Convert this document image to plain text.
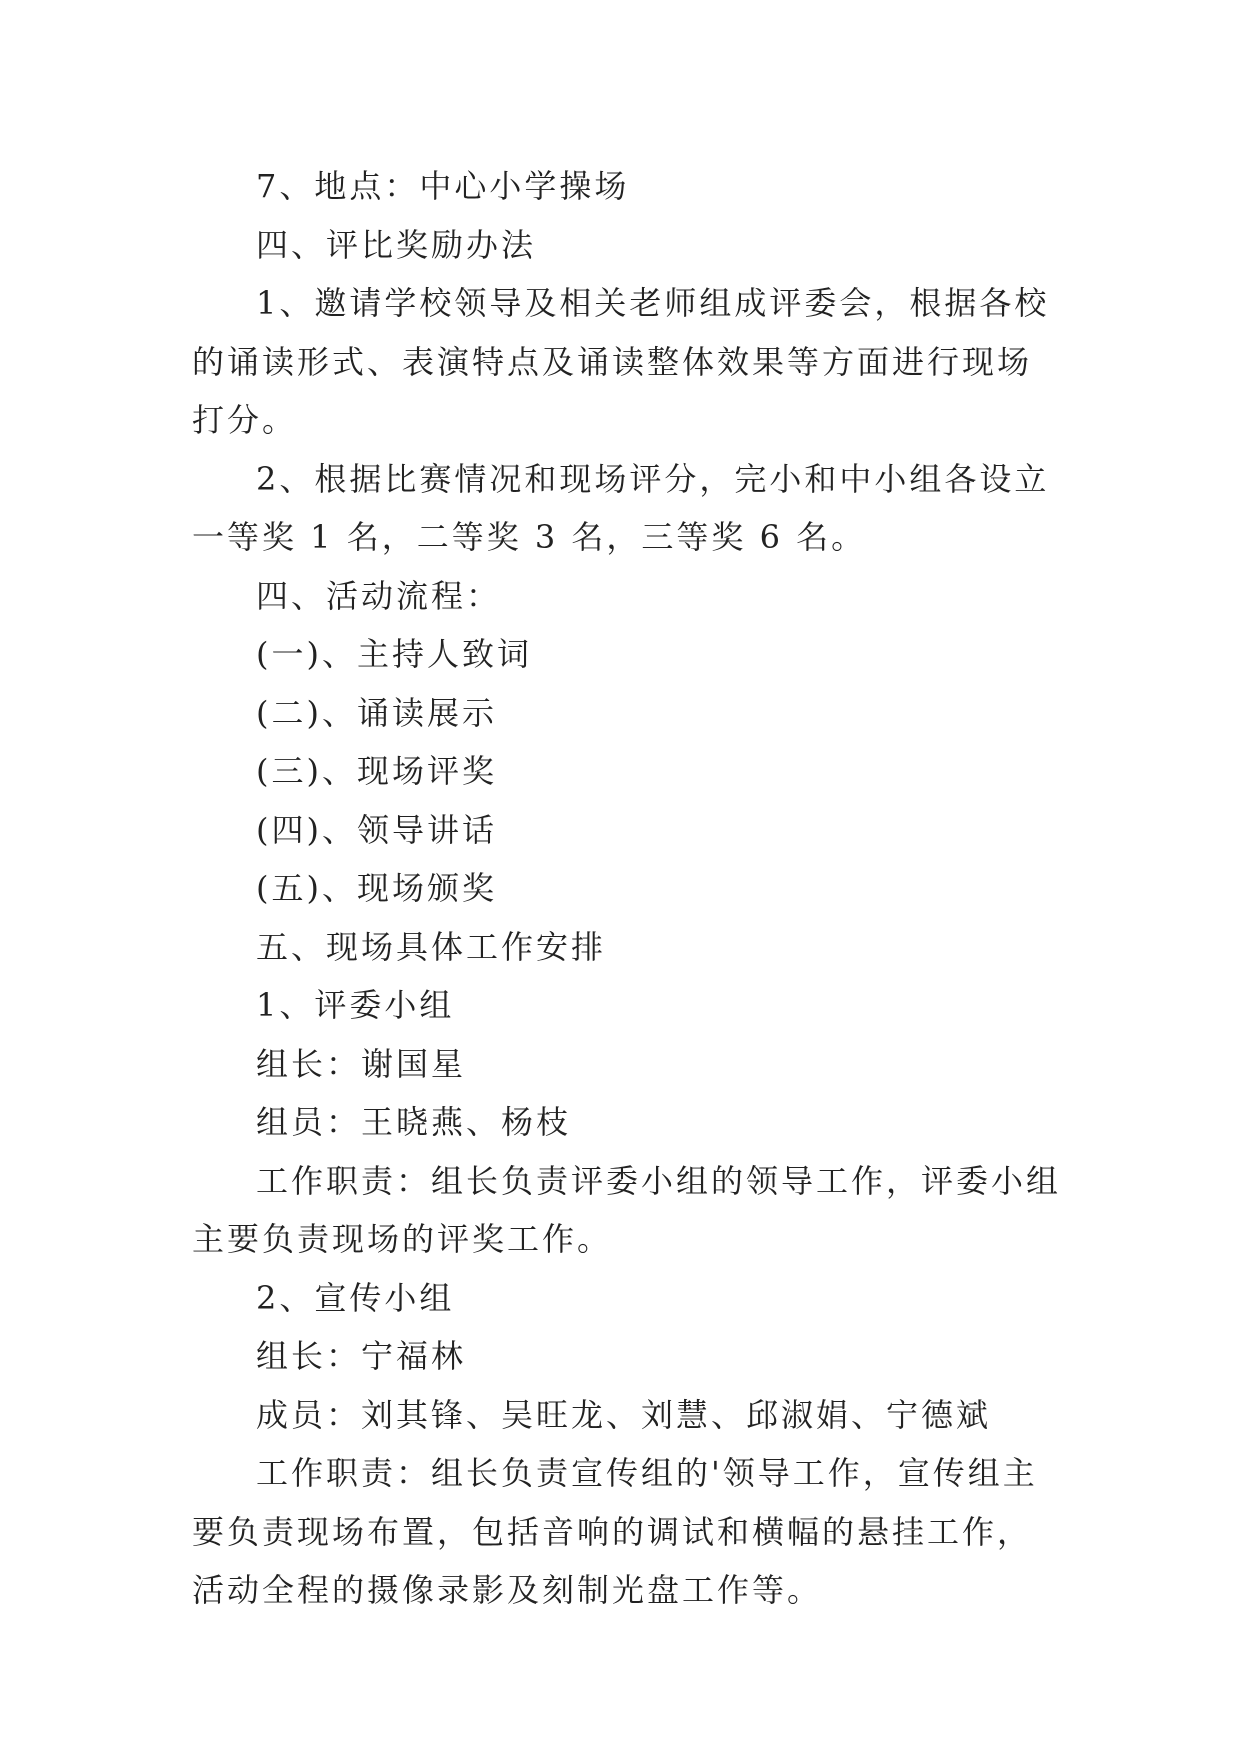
7、地点：中心小学操场

四、评比奖励办法

1、邀请学校领导及相关老师组成评委会，根据各校的诵读形式、表演特点及诵读整体效果等方面进行现场打分。

2、根据比赛情况和现场评分，完小和中小组各设立一等奖 1 名，二等奖 3 名，三等奖 6 名。

四、活动流程：

(一)、主持人致词

(二)、诵读展示

(三)、现场评奖

(四)、领导讲话

(五)、现场颁奖

五、现场具体工作安排

1、评委小组

组长：谢国星

组员：王晓燕、杨枝

工作职责：组长负责评委小组的领导工作，评委小组主要负责现场的评奖工作。

2、宣传小组

组长：宁福林

成员：刘其锋、吴旺龙、刘慧、邱淑娟、宁德斌

工作职责：组长负责宣传组的'领导工作，宣传组主要负责现场布置，包括音响的调试和横幅的悬挂工作，活动全程的摄像录影及刻制光盘工作等。
